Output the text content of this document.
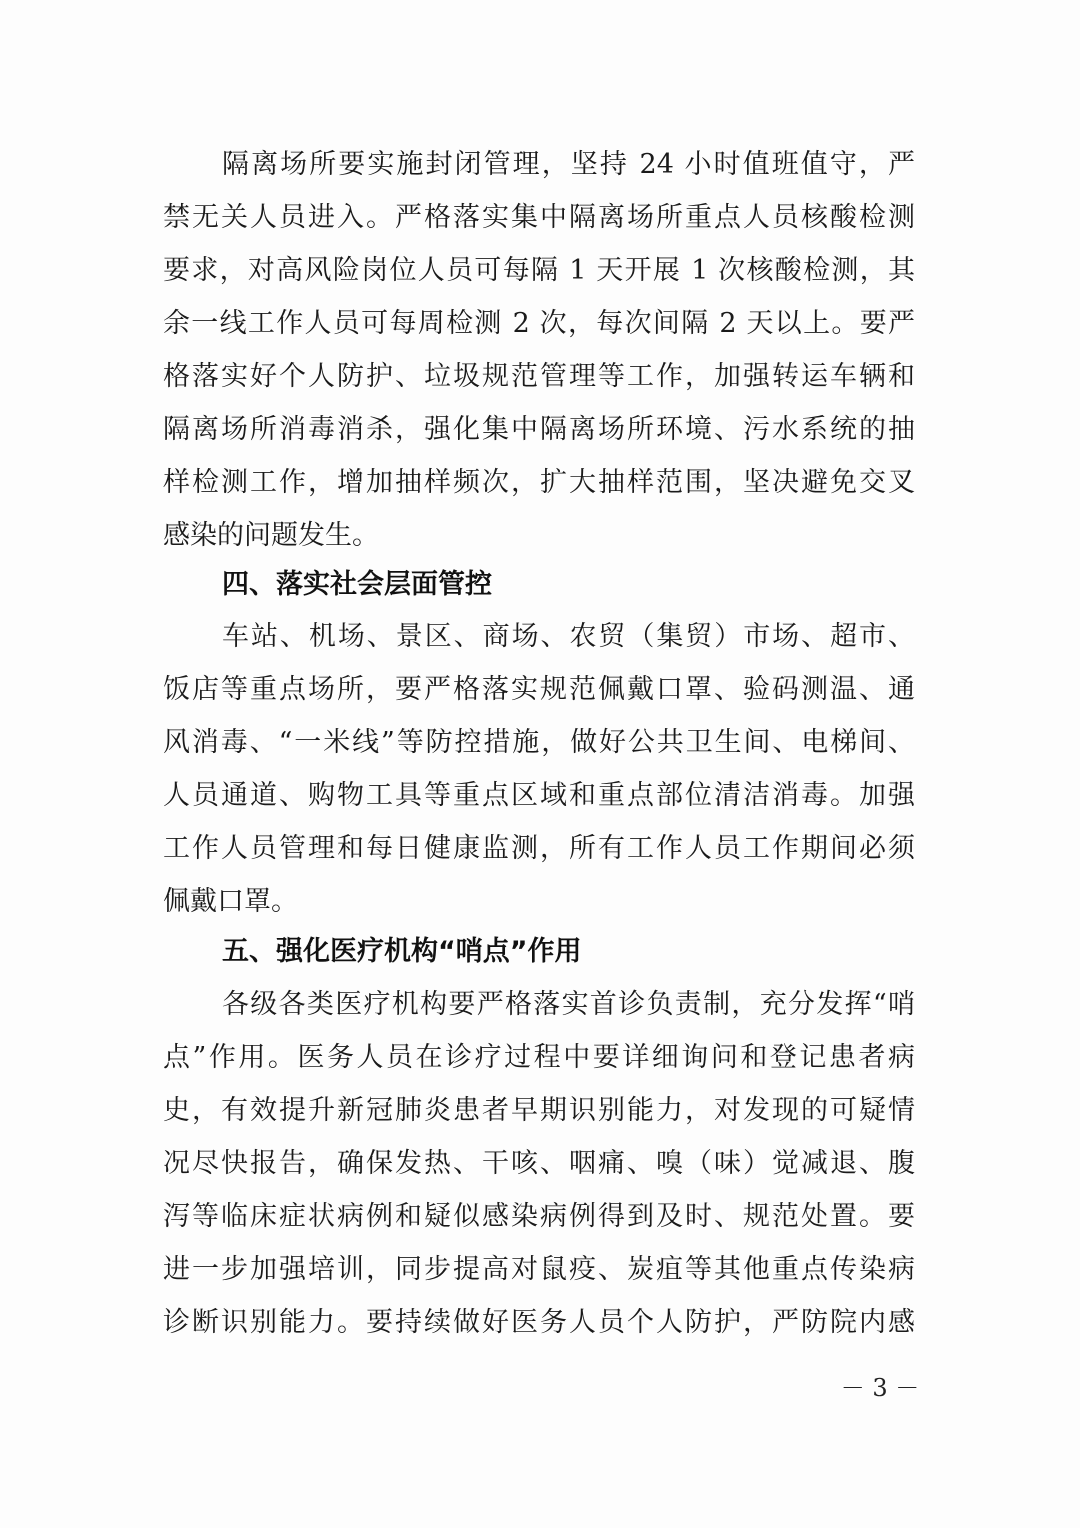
隔离场所要实施封闭管理，坚持 24 小时值班值守，严
禁无关人员进入。严格落实集中隔离场所重点人员核酸检测
要求，对高风险岗位人员可每隔 1 天开展 1 次核酸检测，其
余一线工作人员可每周检测 2 次，每次间隔 2 天以上。要严
格落实好个人防护、垃圾规范管理等工作，加强转运车辆和
隔离场所消毒消杀，强化集中隔离场所环境、污水系统的抽
样检测工作，增加抽样频次，扩大抽样范围，坚决避免交叉
感染的问题发生。
四、落实社会层面管控
车站、机场、景区、商场、农贸（集贸）市场、超市、
饭店等重点场所，要严格落实规范佩戴口罩、验码测温、通
风消毒、“一米线”等防控措施，做好公共卫生间、电梯间、
人员通道、购物工具等重点区域和重点部位清洁消毒。加强
工作人员管理和每日健康监测，所有工作人员工作期间必须
佩戴口罩。
五、强化医疗机构“哨点”作用
各级各类医疗机构要严格落实首诊负责制，充分发挥“哨
点”作用。医务人员在诊疗过程中要详细询问和登记患者病
史，有效提升新冠肺炎患者早期识别能力，对发现的可疑情
况尽快报告，确保发热、干咳、咽痛、嗅（味）觉减退、腹
泻等临床症状病例和疑似感染病例得到及时、规范处置。要
进一步加强培训，同步提高对鼠疫、炭疽等其他重点传染病
诊断识别能力。要持续做好医务人员个人防护，严防院内感
－ 3 －
